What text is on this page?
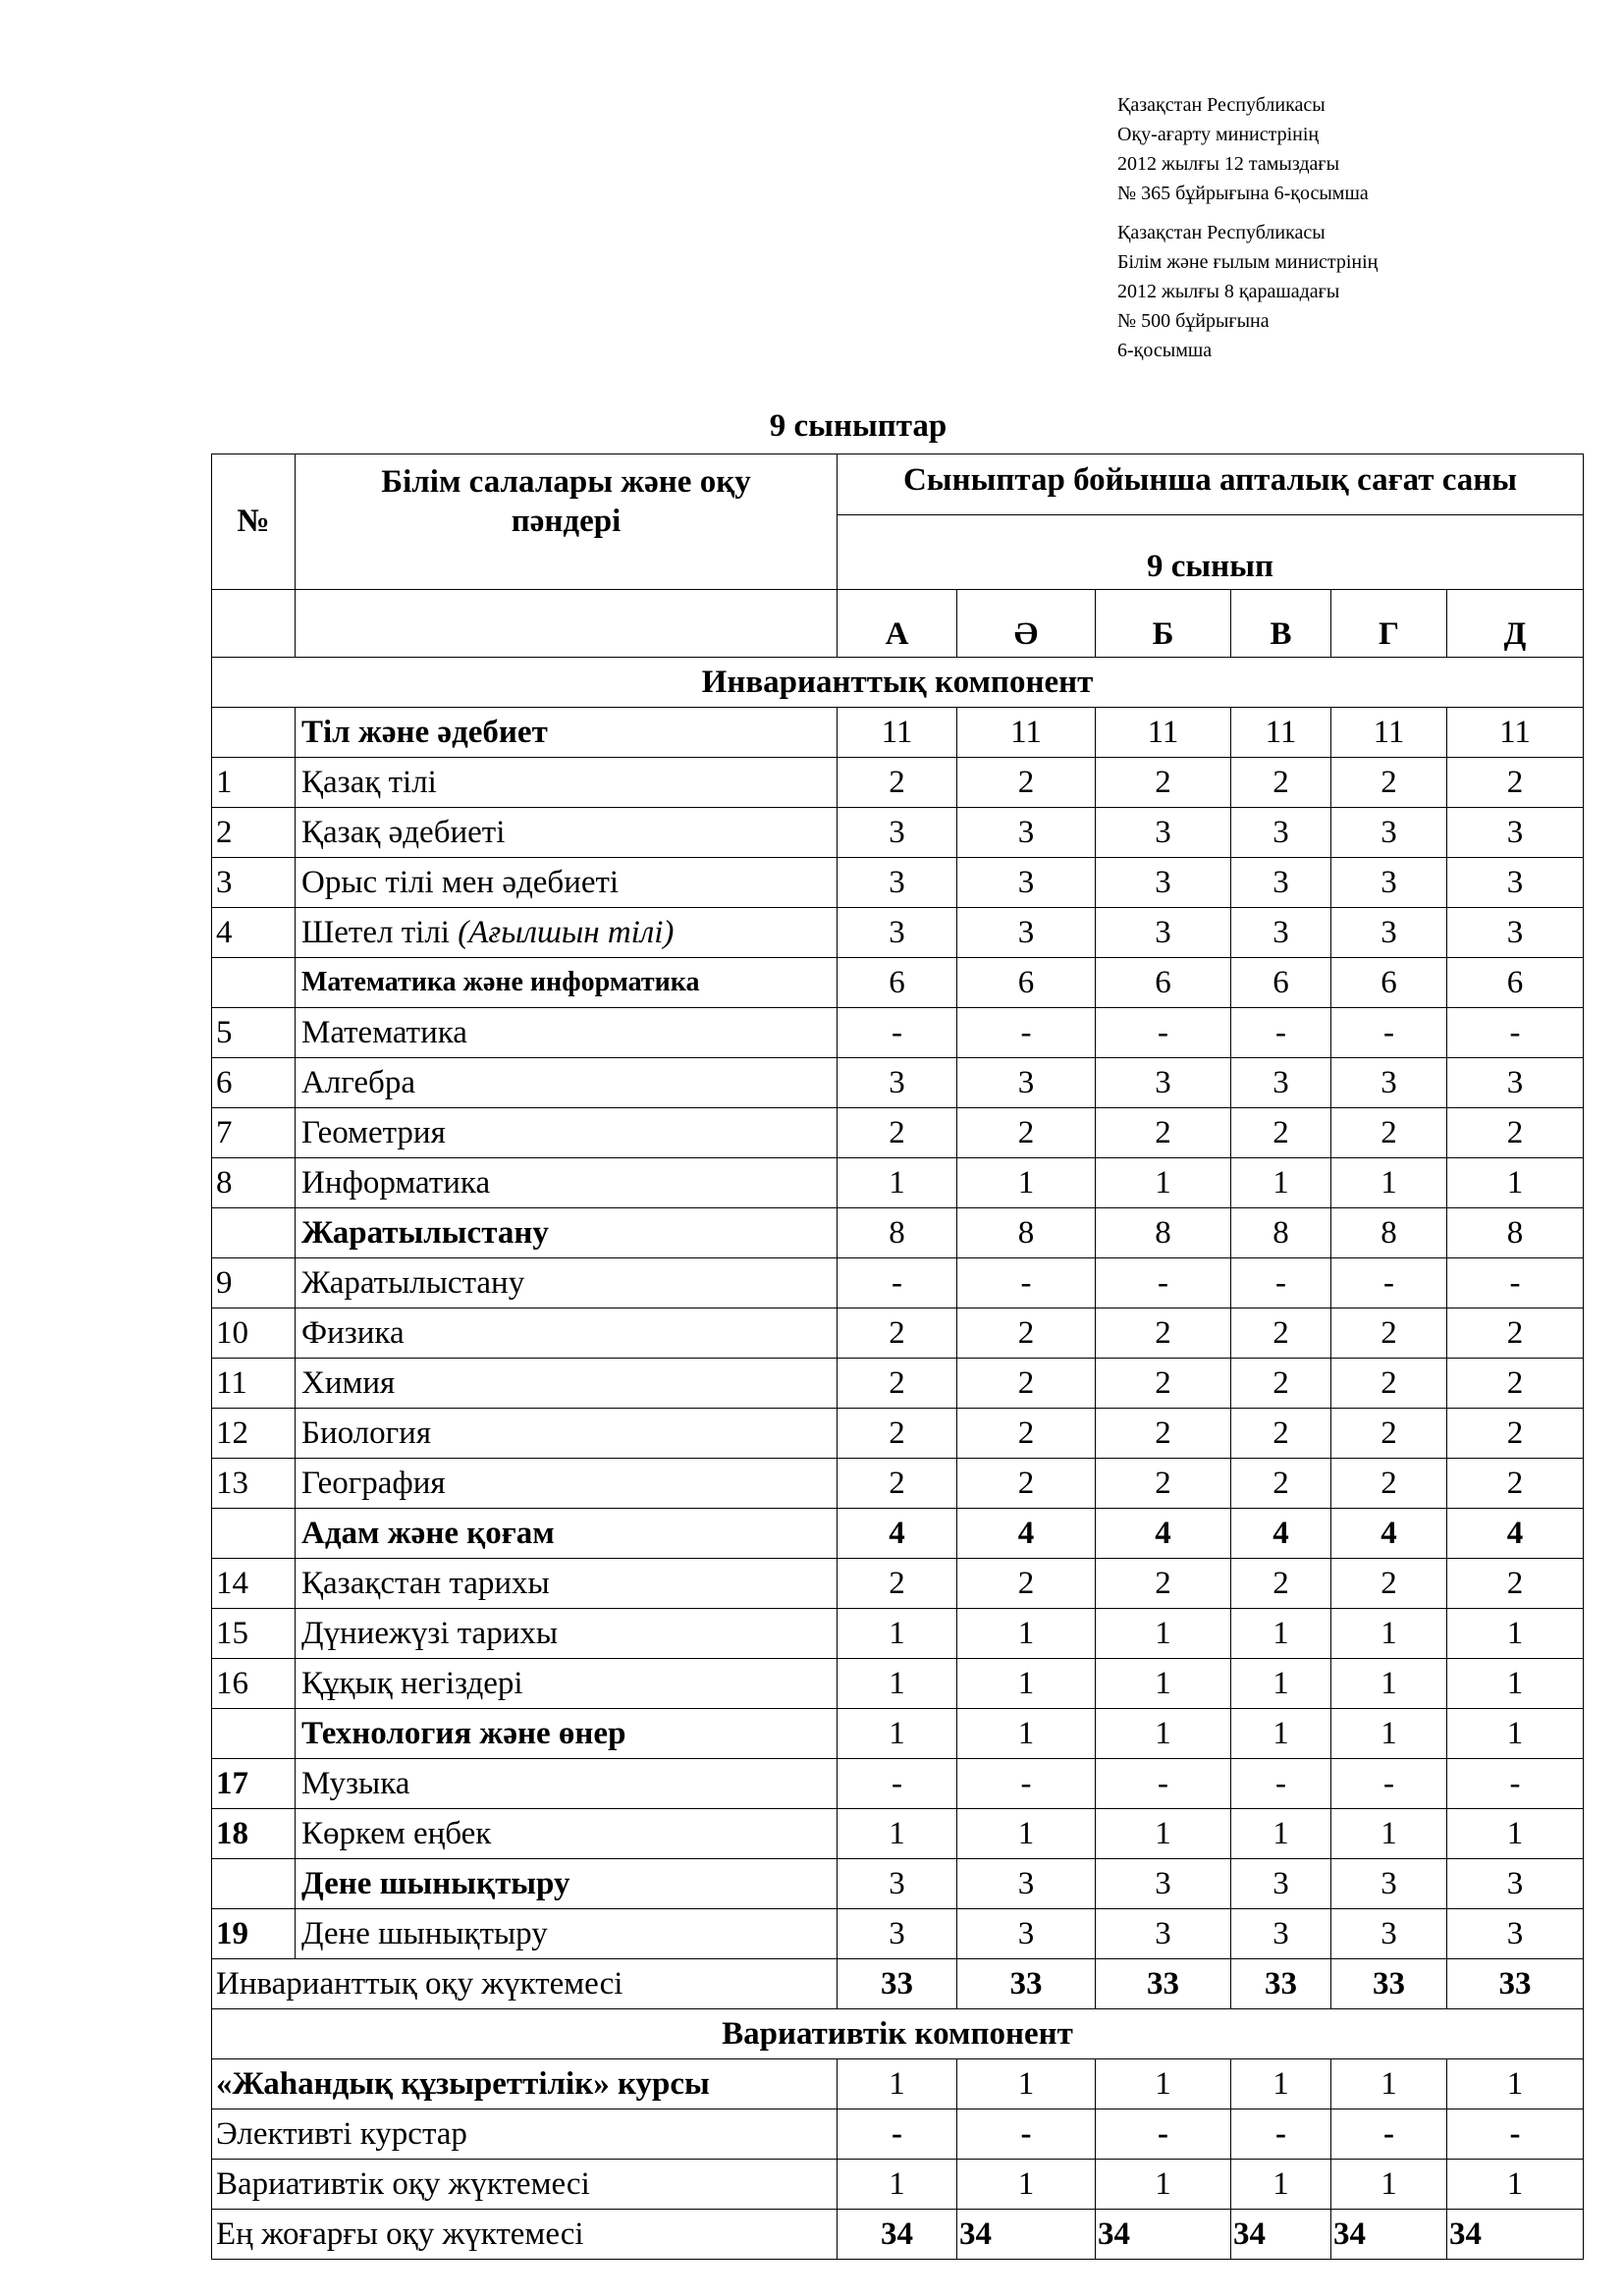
Қазақстан Республикасы
Оқу-ағарту министрінің
2012 жылғы 12 тамыздағы
№ 365 бұйрығына 6-қосымша
Қазақстан Республикасы
Білім және ғылым министрінің
2012 жылғы 8 қарашадағы
№ 500 бұйрығына
6-қосымша
9 сыныптар
№	Білім салалары және оқу пәндері	Сыныптар бойынша апталық сағат саны					
		9 сынып					
		А	Ә	Б	В	Г	Д
Инварианттық компонент							
	Тіл және әдебиет	11	11	11	11	11	11
1	Қазақ тілі	2	2	2	2	2	2
2	Қазақ әдебиеті	3	3	3	3	3	3
3	Орыс тілі мен әдебиеті	3	3	3	3	3	3
4	Шетел тілі (Ағылшын тілі)	3	3	3	3	3	3
	Математика және информатика	6	6	6	6	6	6
5	Математика	-	-	-	-	-	-
6	Алгебра	3	3	3	3	3	3
7	Геометрия	2	2	2	2	2	2
8	Информатика	1	1	1	1	1	1
	Жаратылыстану	8	8	8	8	8	8
9	Жаратылыстану	-	-	-	-	-	-
10	Физика	2	2	2	2	2	2
11	Химия	2	2	2	2	2	2
12	Биология	2	2	2	2	2	2
13	География	2	2	2	2	2	2
	Адам және қоғам	4	4	4	4	4	4
14	Қазақстан тарихы	2	2	2	2	2	2
15	Дүниежүзі тарихы	1	1	1	1	1	1
16	Құқық негіздері	1	1	1	1	1	1
	Технология және өнер	1	1	1	1	1	1
17	Музыка	-	-	-	-	-	-
18	Көркем еңбек	1	1	1	1	1	1
	Дене шынықтыру	3	3	3	3	3	3
19	Дене шынықтыру	3	3	3	3	3	3
Инварианттық оқу жүктемесі		33	33	33	33	33	33
Вариативтік компонент							
«Жаһандық құзыреттілік» курсы		1	1	1	1	1	1
Элективті курстар		-	-	-	-	-	-
Вариативтік оқу жүктемесі		1	1	1	1	1	1
Ең жоғарғы оқу жүктемесі		34	34	34	34	34	34
